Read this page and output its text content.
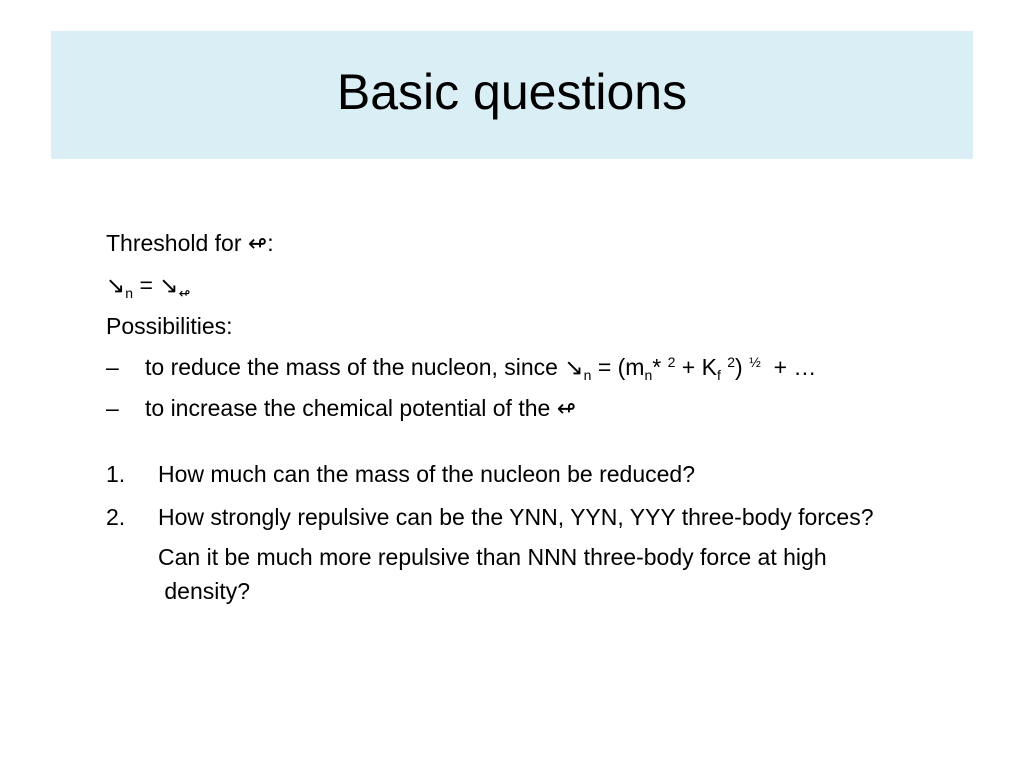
Basic questions
Threshold for ↫:
$↘_n$ = $↘_↫$
Possibilities:
– to reduce the mass of the nucleon, since $↘_n = (m_n*$ $^2 + K_f$ $^2$) $^{\frac{1}{2}}$  + …
– to increase the chemical potential of the ↫
1. How much can the mass of the nucleon be reduced?
2. How strongly repulsive can be the YNN, YYN, YYY three-body forces?
Can it be much more repulsive than NNN three-body force at high
density?
